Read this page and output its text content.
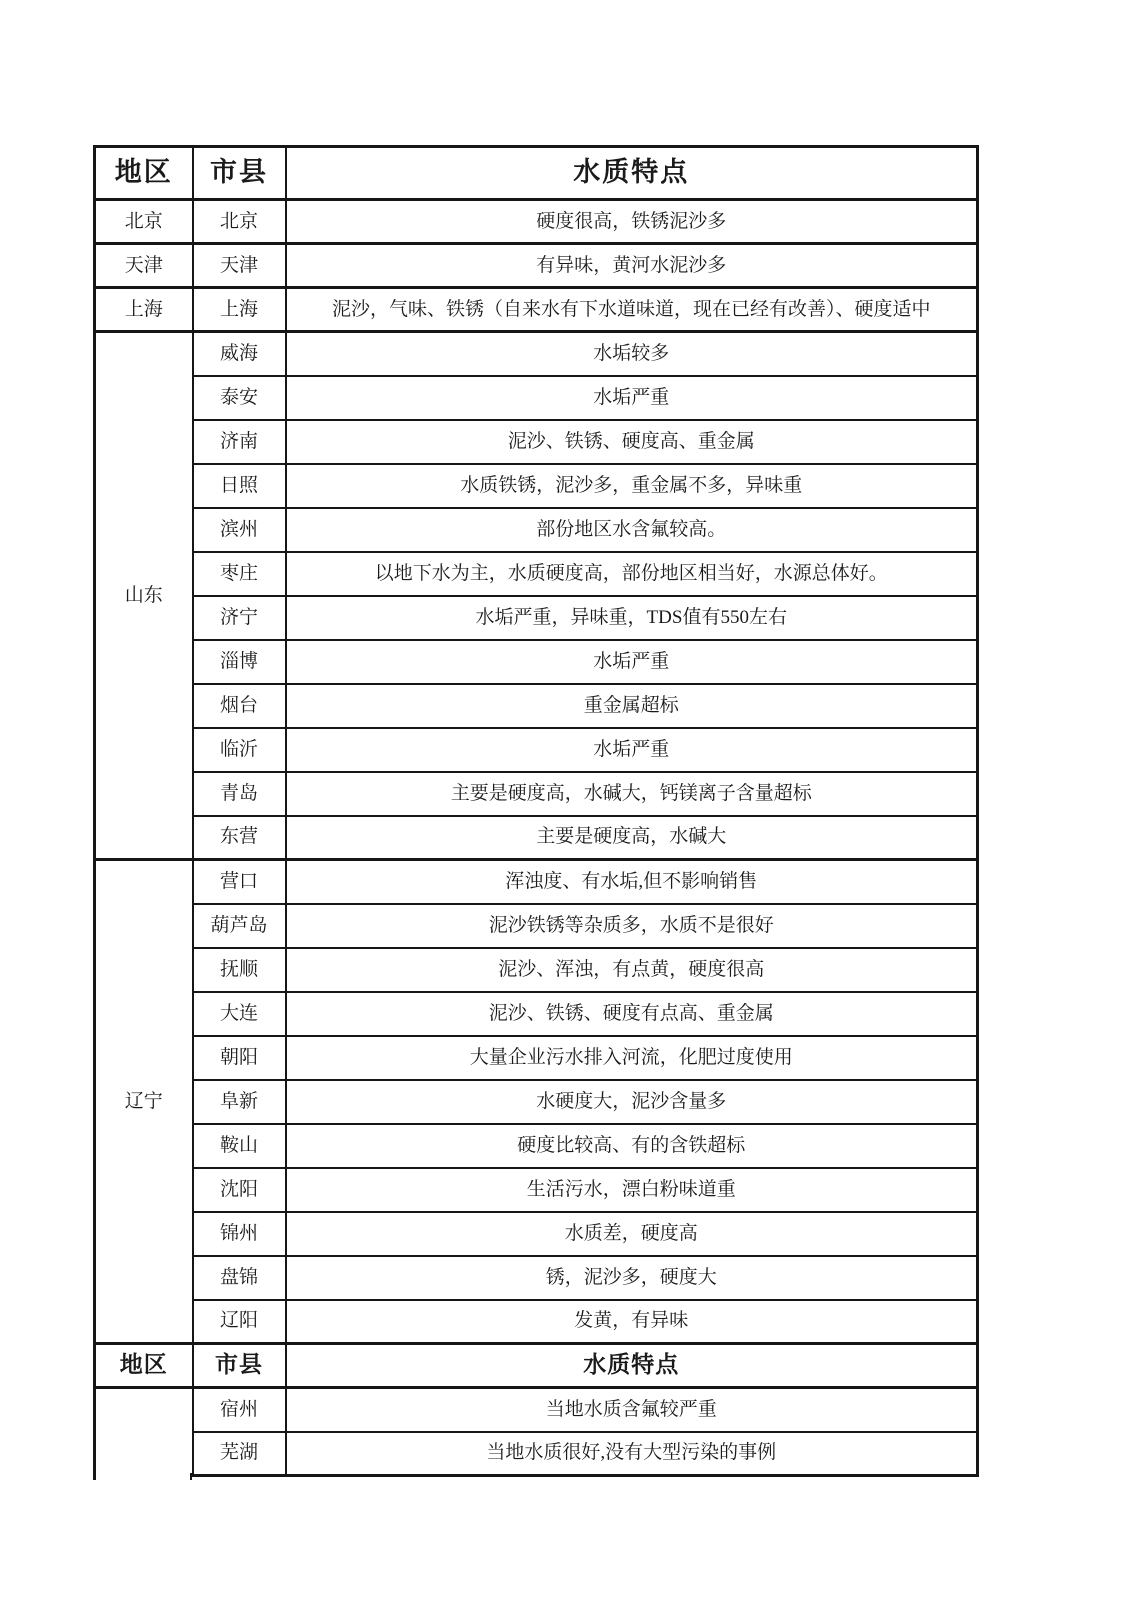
地区	市县	水质特点
北京	北京	硬度很高，铁锈泥沙多
天津	天津	有异味，黄河水泥沙多
上海	上海	泥沙，气味、铁锈（自来水有下水道味道，现在已经有改善）、硬度适中
山东	威海	水垢较多
	泰安	水垢严重
	济南	泥沙、铁锈、硬度高、重金属
	日照	水质铁锈，泥沙多，重金属不多，异味重
	滨州	部份地区水含氟较高。
	枣庄	以地下水为主，水质硬度高，部份地区相当好，水源总体好。
	济宁	水垢严重，异味重，TDS值有550左右
	淄博	水垢严重
	烟台	重金属超标
	临沂	水垢严重
	青岛	主要是硬度高，水碱大，钙镁离子含量超标
	东营	主要是硬度高，水碱大
辽宁	营口	浑浊度、有水垢,但不影响销售
	葫芦岛	泥沙铁锈等杂质多，水质不是很好
	抚顺	泥沙、浑浊，有点黄，硬度很高
	大连	泥沙、铁锈、硬度有点高、重金属
	朝阳	大量企业污水排入河流，化肥过度使用
	阜新	水硬度大，泥沙含量多
	鞍山	硬度比较高、有的含铁超标
	沈阳	生活污水，漂白粉味道重
	锦州	水质差，硬度高
	盘锦	锈，泥沙多，硬度大
	辽阳	发黄，有异味
地区	市县	水质特点
	宿州	当地水质含氟较严重
	芜湖	当地水质很好,没有大型污染的事例
